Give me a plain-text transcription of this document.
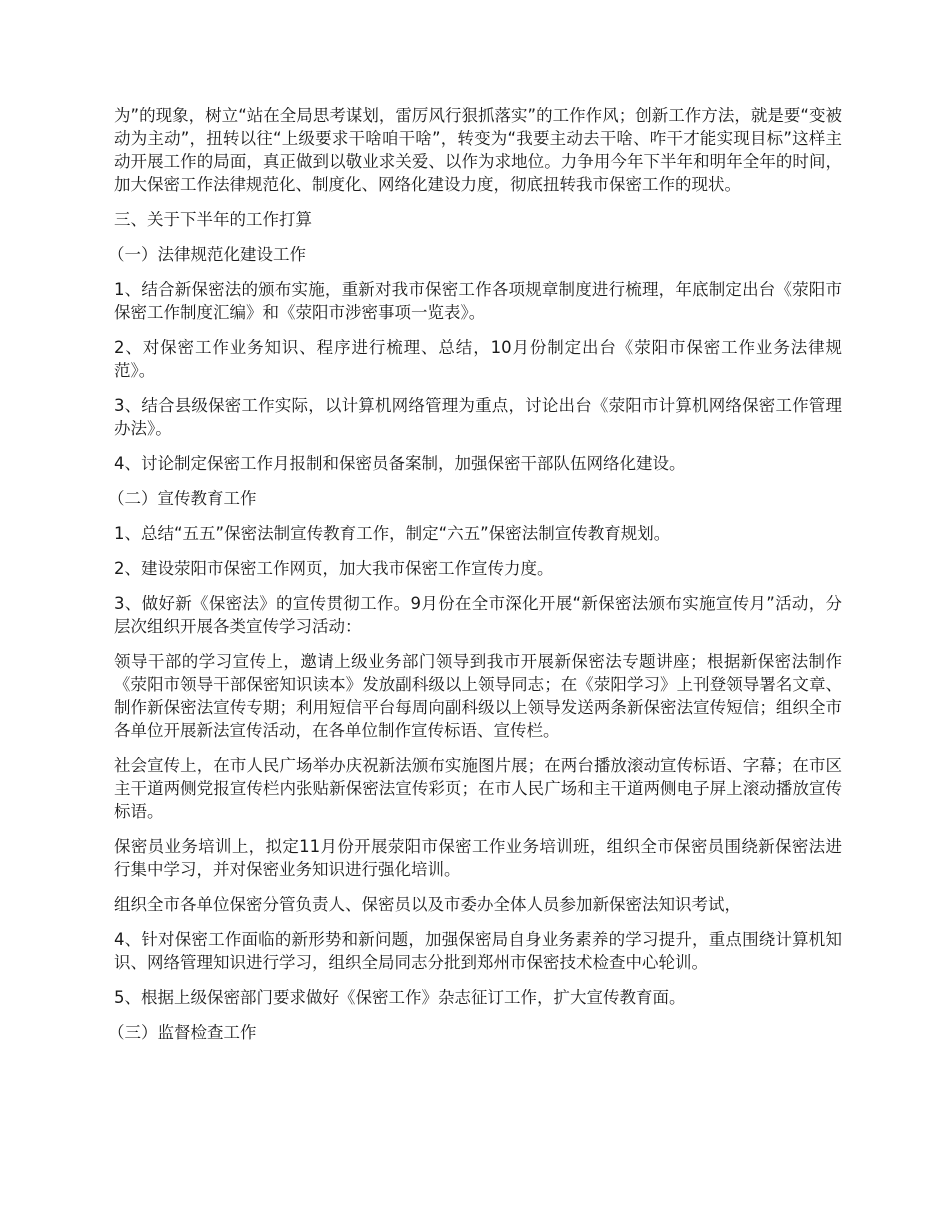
为”的现象，树立“站在全局思考谋划，雷厉风行狠抓落实”的工作作风；创新工作方法，就是要“变被动为主动”，扭转以往“上级要求干啥咱干啥”，转变为“我要主动去干啥、咋干才能实现目标”这样主动开展工作的局面，真正做到以敬业求关爱、以作为求地位。力争用今年下半年和明年全年的时间，加大保密工作法律规范化、制度化、网络化建设力度，彻底扭转我市保密工作的现状。

三、关于下半年的工作打算

（一）法律规范化建设工作

1、结合新保密法的颁布实施，重新对我市保密工作各项规章制度进行梳理，年底制定出台《荥阳市保密工作制度汇编》和《荥阳市涉密事项一览表》。

2、对保密工作业务知识、程序进行梳理、总结，10月份制定出台《荥阳市保密工作业务法律规范》。

3、结合县级保密工作实际，以计算机网络管理为重点，讨论出台《荥阳市计算机网络保密工作管理办法》。

4、讨论制定保密工作月报制和保密员备案制，加强保密干部队伍网络化建设。

（二）宣传教育工作

1、总结“五五”保密法制宣传教育工作，制定“六五”保密法制宣传教育规划。

2、建设荥阳市保密工作网页，加大我市保密工作宣传力度。

3、做好新《保密法》的宣传贯彻工作。9月份在全市深化开展“新保密法颁布实施宣传月”活动，分层次组织开展各类宣传学习活动：

领导干部的学习宣传上，邀请上级业务部门领导到我市开展新保密法专题讲座；根据新保密法制作《荥阳市领导干部保密知识读本》发放副科级以上领导同志；在《荥阳学习》上刊登领导署名文章、制作新保密法宣传专期；利用短信平台每周向副科级以上领导发送两条新保密法宣传短信；组织全市各单位开展新法宣传活动，在各单位制作宣传标语、宣传栏。

社会宣传上，在市人民广场举办庆祝新法颁布实施图片展；在两台播放滚动宣传标语、字幕；在市区主干道两侧党报宣传栏内张贴新保密法宣传彩页；在市人民广场和主干道两侧电子屏上滚动播放宣传标语。

保密员业务培训上，拟定11月份开展荥阳市保密工作业务培训班，组织全市保密员围绕新保密法进行集中学习，并对保密业务知识进行强化培训。

组织全市各单位保密分管负责人、保密员以及市委办全体人员参加新保密法知识考试，

4、针对保密工作面临的新形势和新问题，加强保密局自身业务素养的学习提升，重点围绕计算机知识、网络管理知识进行学习，组织全局同志分批到郑州市保密技术检查中心轮训。

5、根据上级保密部门要求做好《保密工作》杂志征订工作，扩大宣传教育面。

（三）监督检查工作
